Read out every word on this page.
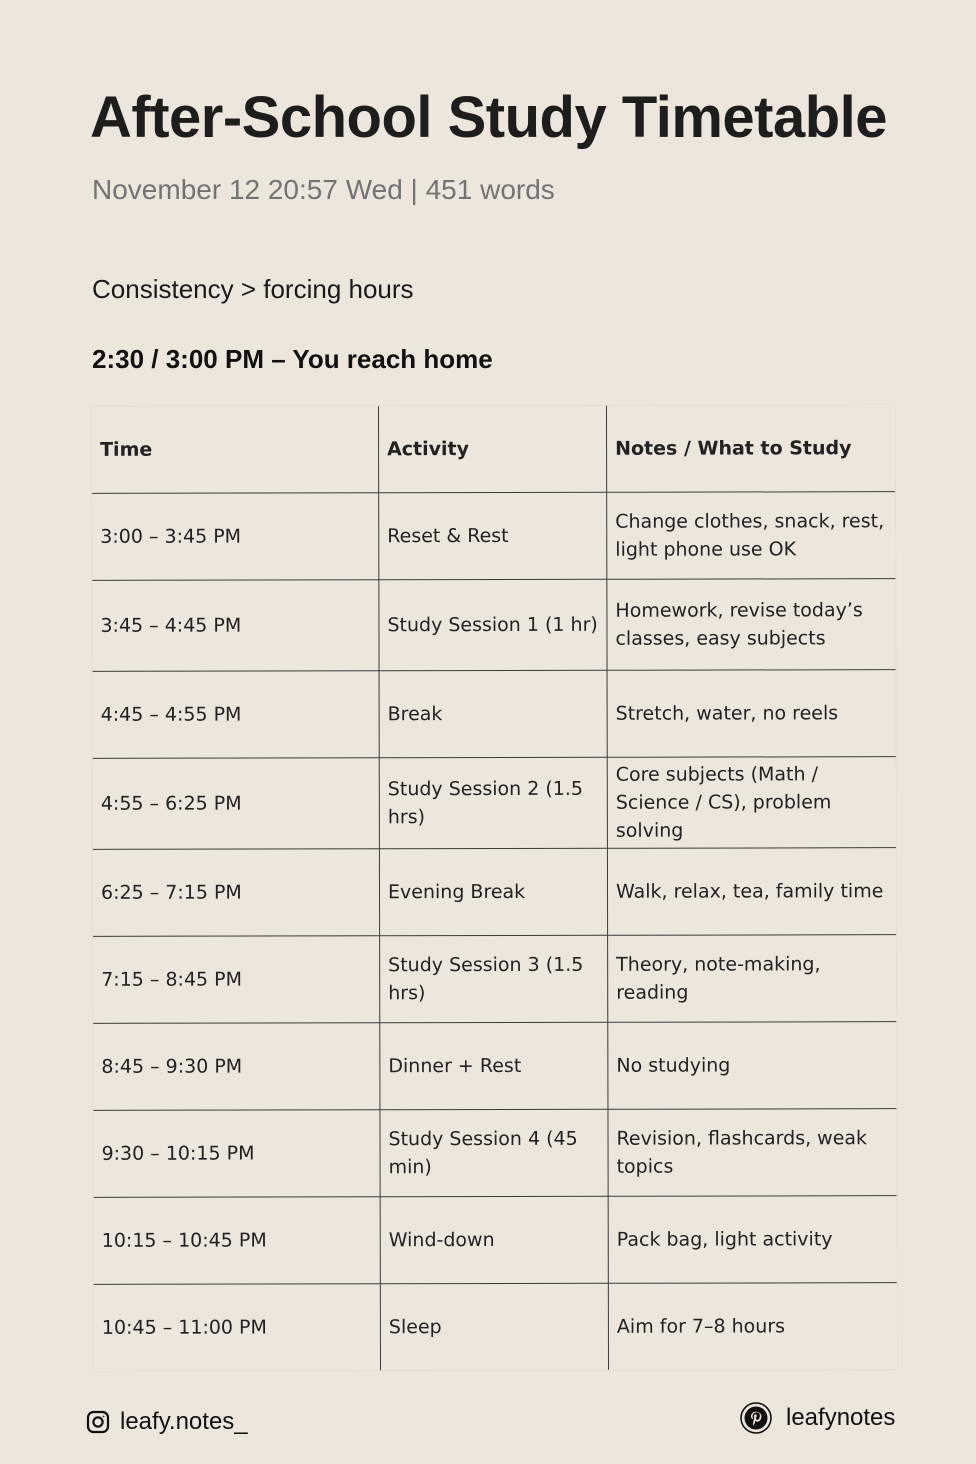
After-School Study Timetable
November 12 20:57 Wed | 451 words
Consistency > forcing hours
2:30 / 3:00 PM – You reach home
Time	Activity	Notes / What to Study
3:00 – 3:45 PM	Reset & Rest	Change clothes, snack, rest, light phone use OK
3:45 – 4:45 PM	Study Session 1 (1 hr)	Homework, revise today’s classes, easy subjects
4:45 – 4:55 PM	Break	Stretch, water, no reels
4:55 – 6:25 PM	Study Session 2 (1.5 hrs)	Core subjects (Math / Science / CS), problem solving
6:25 – 7:15 PM	Evening Break	Walk, relax, tea, family time
7:15 – 8:45 PM	Study Session 3 (1.5 hrs)	Theory, note-making, reading
8:45 – 9:30 PM	Dinner + Rest	No studying
9:30 – 10:15 PM	Study Session 4 (45 min)	Revision, flashcards, weak topics
10:15 – 10:45 PM	Wind-down	Pack bag, light activity
10:45 – 11:00 PM	Sleep	Aim for 7–8 hours
leafy.notes_	leafynotes
